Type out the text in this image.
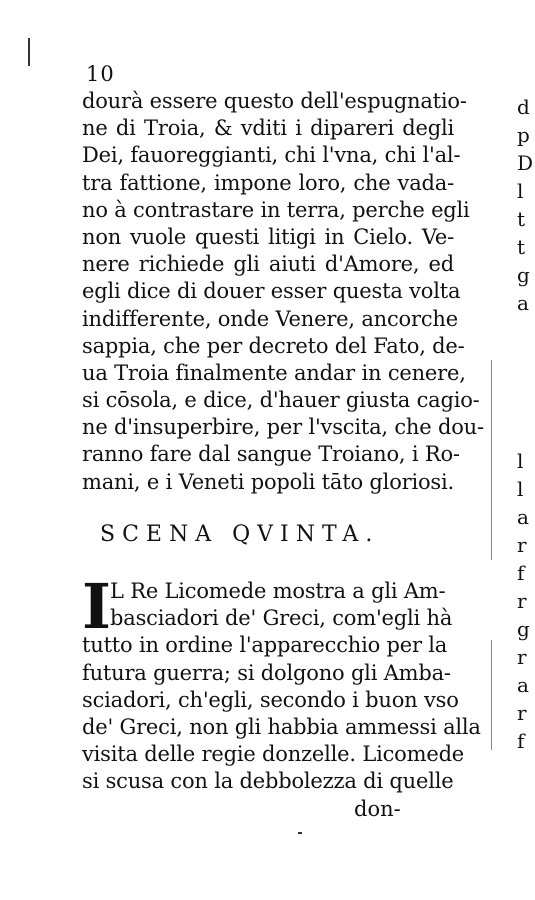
10
dourà essere questo dell'espugnatio-
ne di Troia, & vditi i dipareri degli
Dei, fauoreggianti, chi l'vna, chi l'al-
tra fattione, impone loro, che vada-
no à contrastare in terra, perche egli
non vuole questi litigi in Cielo. Ve-
nere richiede gli aiuti d'Amore, ed
egli dice di douer esser questa volta
indifferente, onde Venere, ancorche
sappia, che per decreto del Fato, de-
ua Troia finalmente andar in cenere,
si cōsola, e dice, d'hauer giusta cagio-
ne d'insuperbire, per l'vscita, che dou-
ranno fare dal sangue Troiano, i Ro-
mani, e i Veneti popoli tāto gloriosi.
SCENA QVINTA.
I
L Re Licomede mostra a gli Am-
basciadori de' Greci, com'egli hà
tutto in ordine l'apparecchio per la
futura guerra; si dolgono gli Amba-
sciadori, ch'egli, secondo i buon vso
de' Greci, non gli habbia ammessi alla
visita delle regie donzelle. Licomede
si scusa con la debbolezza di quelle
don-
d
p
D
l
t
t
g
a
l
l
a
r
f
r
g
r
a
r
f
